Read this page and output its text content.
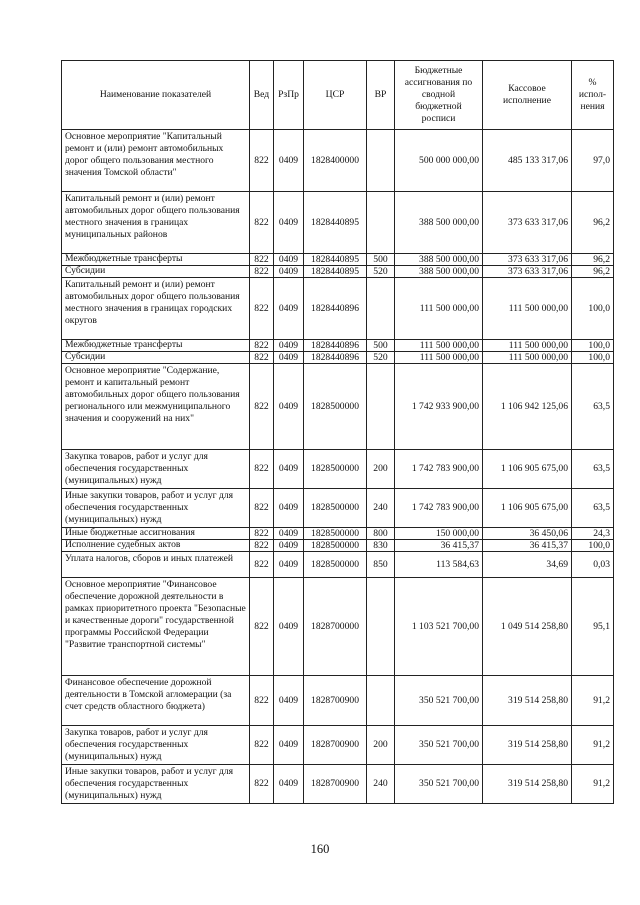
Наименование показателей	Вед	РзПр	ЦСР	ВР	Бюджетные ассигнования по сводной бюджетной росписи	Кассовое исполнение	% испол-нения
Основное мероприятие "Капитальный ремонт и (или) ремонт автомобильных дорог общего пользования местного значения Томской области"	822	0409	1828400000		500 000 000,00	485 133 317,06	97,0
Капитальный ремонт и (или) ремонт автомобильных дорог общего пользования местного значения в границах муниципальных районов	822	0409	1828440895		388 500 000,00	373 633 317,06	96,2
Межбюджетные трансферты	822	0409	1828440895	500	388 500 000,00	373 633 317,06	96,2
Субсидии	822	0409	1828440895	520	388 500 000,00	373 633 317,06	96,2
Капитальный ремонт и (или) ремонт автомобильных дорог общего пользования местного значения в границах городских округов	822	0409	1828440896		111 500 000,00	111 500 000,00	100,0
Межбюджетные трансферты	822	0409	1828440896	500	111 500 000,00	111 500 000,00	100,0
Субсидии	822	0409	1828440896	520	111 500 000,00	111 500 000,00	100,0
Основное мероприятие "Содержание, ремонт и капитальный ремонт автомобильных дорог общего пользования регионального или межмуниципального значения и сооружений на них"	822	0409	1828500000		1 742 933 900,00	1 106 942 125,06	63,5
Закупка товаров, работ и услуг для обеспечения государственных (муниципальных) нужд	822	0409	1828500000	200	1 742 783 900,00	1 106 905 675,00	63,5
Иные закупки товаров, работ и услуг для обеспечения государственных (муниципальных) нужд	822	0409	1828500000	240	1 742 783 900,00	1 106 905 675,00	63,5
Иные бюджетные ассигнования	822	0409	1828500000	800	150 000,00	36 450,06	24,3
Исполнение судебных актов	822	0409	1828500000	830	36 415,37	36 415,37	100,0
Уплата налогов, сборов и иных платежей	822	0409	1828500000	850	113 584,63	34,69	0,03
Основное мероприятие "Финансовое обеспечение дорожной деятельности в рамках приоритетного проекта "Безопасные и качественные дороги" государственной программы Российской Федерации "Развитие транспортной системы"	822	0409	1828700000		1 103 521 700,00	1 049 514 258,80	95,1
Финансовое обеспечение дорожной деятельности в Томской агломерации (за счет средств областного бюджета)	822	0409	1828700900		350 521 700,00	319 514 258,80	91,2
Закупка товаров, работ и услуг для обеспечения государственных (муниципальных) нужд	822	0409	1828700900	200	350 521 700,00	319 514 258,80	91,2
Иные закупки товаров, работ и услуг для обеспечения государственных (муниципальных) нужд	822	0409	1828700900	240	350 521 700,00	319 514 258,80	91,2
160
